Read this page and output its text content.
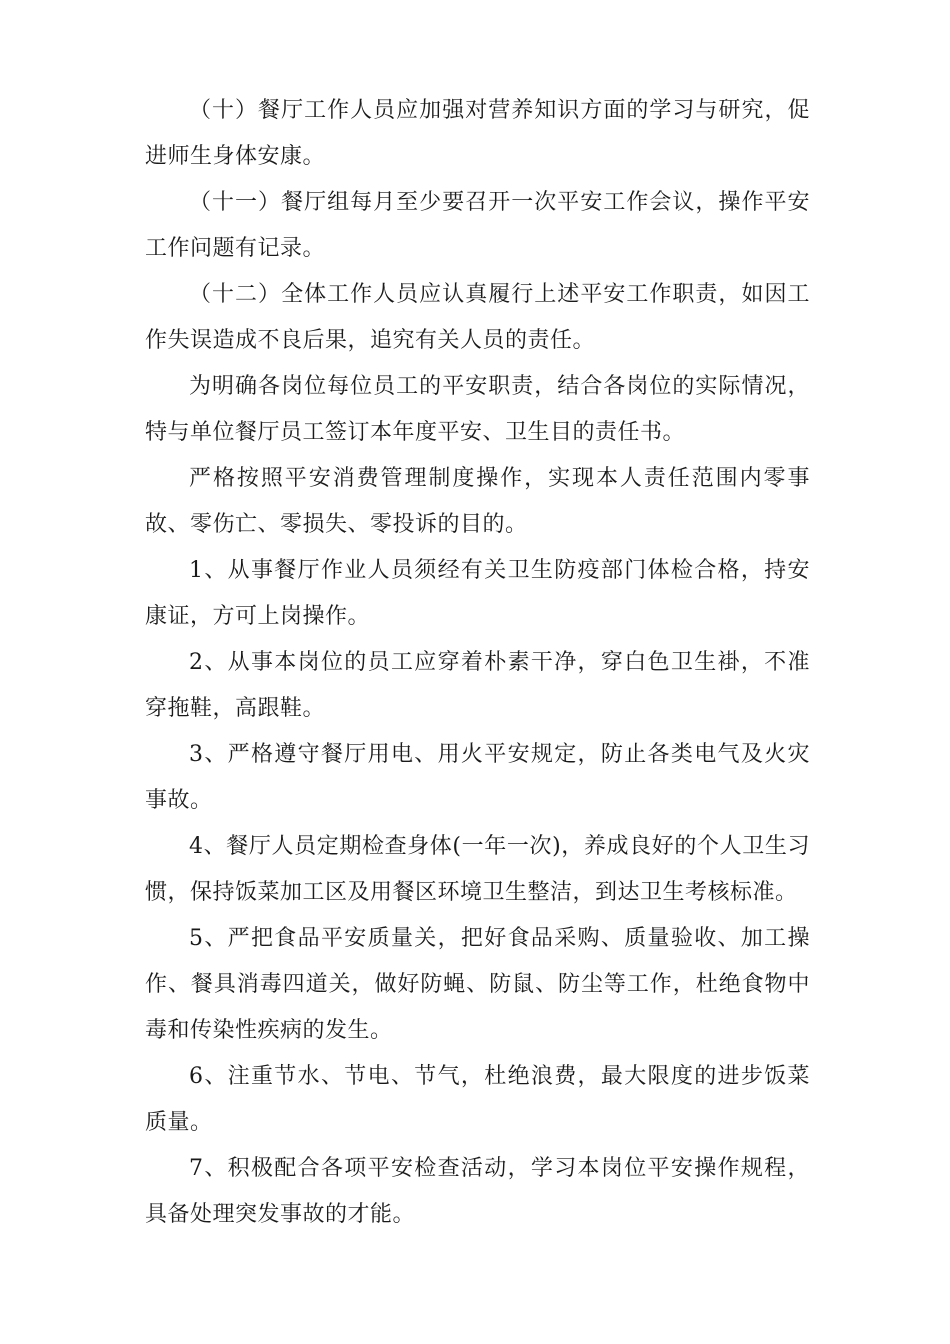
（十）餐厅工作人员应加强对营养知识方面的学习与研究，促进师生身体安康。

（十一）餐厅组每月至少要召开一次平安工作会议，操作平安工作问题有记录。

（十二）全体工作人员应认真履行上述平安工作职责，如因工作失误造成不良后果，追究有关人员的责任。

为明确各岗位每位员工的平安职责，结合各岗位的实际情况，特与单位餐厅员工签订本年度平安、卫生目的责任书。

严格按照平安消费管理制度操作，实现本人责任范围内零事故、零伤亡、零损失、零投诉的目的。

1、从事餐厅作业人员须经有关卫生防疫部门体检合格，持安康证，方可上岗操作。

2、从事本岗位的员工应穿着朴素干净，穿白色卫生褂，不准穿拖鞋，高跟鞋。

3、严格遵守餐厅用电、用火平安规定，防止各类电气及火灾事故。

4、餐厅人员定期检查身体(一年一次)，养成良好的个人卫生习惯，保持饭菜加工区及用餐区环境卫生整洁，到达卫生考核标准。

5、严把食品平安质量关，把好食品采购、质量验收、加工操作、餐具消毒四道关，做好防蝇、防鼠、防尘等工作，杜绝食物中毒和传染性疾病的发生。

6、注重节水、节电、节气，杜绝浪费，最大限度的进步饭菜质量。

7、积极配合各项平安检查活动，学习本岗位平安操作规程，具备处理突发事故的才能。
